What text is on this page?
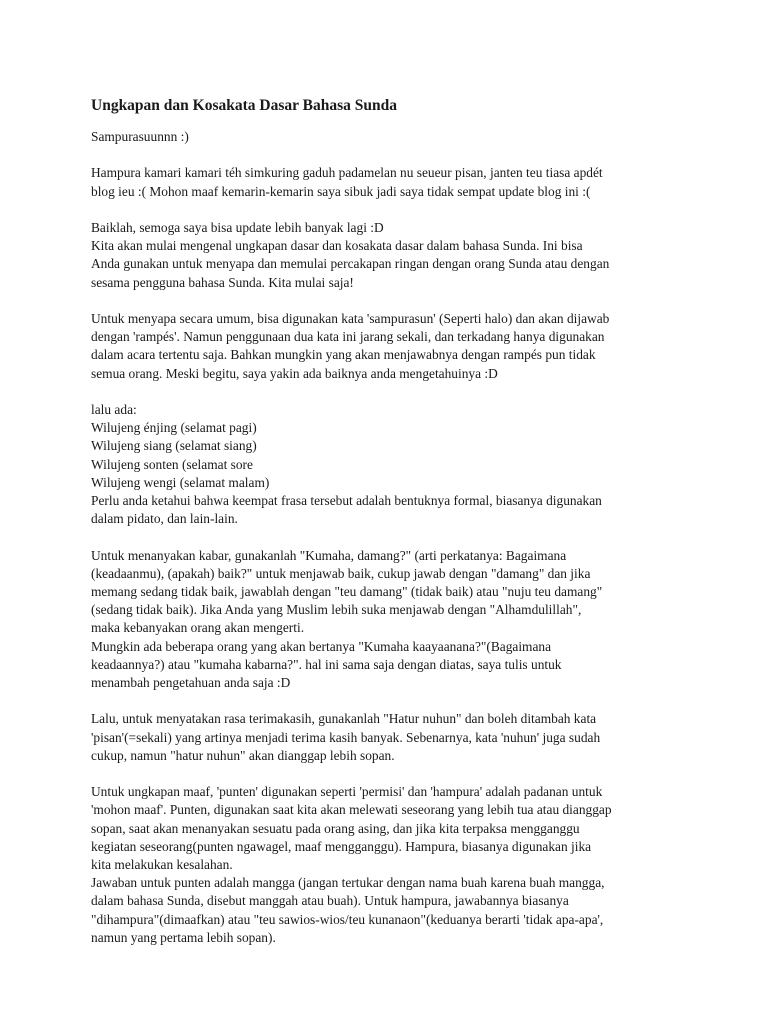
Ungkapan dan Kosakata Dasar Bahasa Sunda
Sampurasuunnn :)
Hampura kamari kamari téh simkuring gaduh padamelan nu seueur pisan, janten teu tiasa apdét
blog ieu :( Mohon maaf kemarin-kemarin saya sibuk jadi saya tidak sempat update blog ini :(
Baiklah, semoga saya bisa update lebih banyak lagi :D
Kita akan mulai mengenal ungkapan dasar dan kosakata dasar dalam bahasa Sunda. Ini bisa
Anda gunakan untuk menyapa dan memulai percakapan ringan dengan orang Sunda atau dengan
sesama pengguna bahasa Sunda. Kita mulai saja!
Untuk menyapa secara umum, bisa digunakan kata 'sampurasun' (Seperti halo) dan akan dijawab
dengan 'rampés'. Namun penggunaan dua kata ini jarang sekali, dan terkadang hanya digunakan
dalam acara tertentu saja. Bahkan mungkin yang akan menjawabnya dengan rampés pun tidak
semua orang. Meski begitu, saya yakin ada baiknya anda mengetahuinya :D
lalu ada:
Wilujeng énjing (selamat pagi)
Wilujeng siang (selamat siang)
Wilujeng sonten (selamat sore
Wilujeng wengi (selamat malam)
Perlu anda ketahui bahwa keempat frasa tersebut adalah bentuknya formal, biasanya digunakan
dalam pidato, dan lain-lain.
Untuk menanyakan kabar, gunakanlah "Kumaha, damang?" (arti perkatanya: Bagaimana
(keadaanmu), (apakah) baik?" untuk menjawab baik, cukup jawab dengan "damang" dan jika
memang sedang tidak baik, jawablah dengan "teu damang" (tidak baik) atau "nuju teu damang"
(sedang tidak baik). Jika Anda yang Muslim lebih suka menjawab dengan "Alhamdulillah",
maka kebanyakan orang akan mengerti.
Mungkin ada beberapa orang yang akan bertanya "Kumaha kaayaanana?"(Bagaimana
keadaannya?) atau "kumaha kabarna?". hal ini sama saja dengan diatas, saya tulis untuk
menambah pengetahuan anda saja :D
Lalu, untuk menyatakan rasa terimakasih, gunakanlah "Hatur nuhun" dan boleh ditambah kata
'pisan'(=sekali) yang artinya menjadi terima kasih banyak. Sebenarnya, kata 'nuhun' juga sudah
cukup, namun "hatur nuhun" akan dianggap lebih sopan.
Untuk ungkapan maaf, 'punten' digunakan seperti 'permisi' dan 'hampura' adalah padanan untuk
'mohon maaf'. Punten, digunakan saat kita akan melewati seseorang yang lebih tua atau dianggap
sopan, saat akan menanyakan sesuatu pada orang asing, dan jika kita terpaksa mengganggu
kegiatan seseorang(punten ngawagel, maaf mengganggu). Hampura, biasanya digunakan jika
kita melakukan kesalahan.
Jawaban untuk punten adalah mangga (jangan tertukar dengan nama buah karena buah mangga,
dalam bahasa Sunda, disebut manggah atau buah). Untuk hampura, jawabannya biasanya
"dihampura"(dimaafkan) atau "teu sawios-wios/teu kunanaon"(keduanya berarti 'tidak apa-apa',
namun yang pertama lebih sopan).
